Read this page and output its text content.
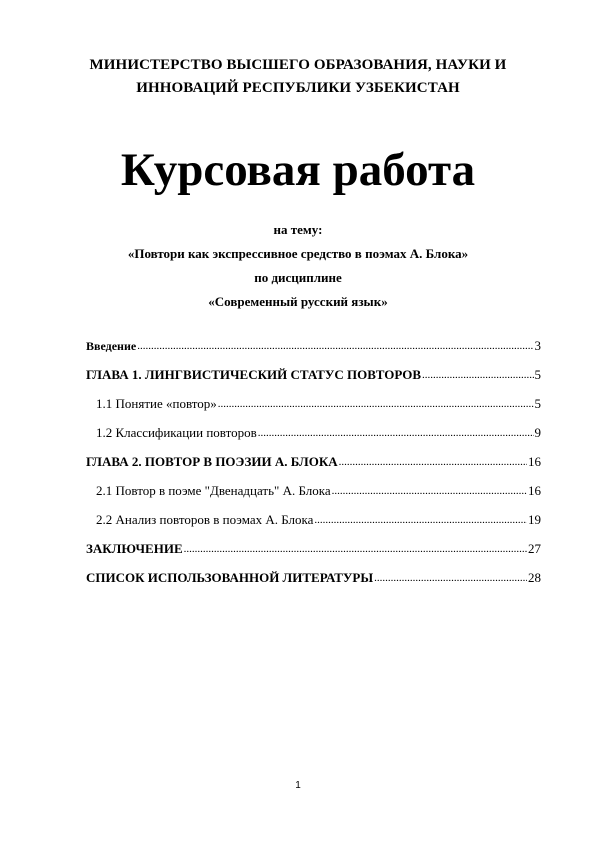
МИНИСТЕРСТВО ВЫСШЕГО ОБРАЗОВАНИЯ, НАУКИ И
ИННОВАЦИЙ РЕСПУБЛИКИ УЗБЕКИСТАН
Курсовая работа
на тему:
«Повтори как экспрессивное средство в поэмах А. Блока»
по дисциплине
«Современный русский язык»
Введение .....	3
ГЛАВА 1. ЛИНГВИСТИЧЕСКИЙ СТАТУС ПОВТОРОВ .....	5
1.1 Понятие «повтор» .....	5
1.2 Классификации повторов .....	9
ГЛАВА 2. ПОВТОР В ПОЭЗИИ А. БЛОКА .....	16
2.1 Повтор в поэме "Двенадцать" А. Блока .....	16
2.2 Анализ повторов в поэмах А. Блока .....	19
ЗАКЛЮЧЕНИЕ .....	27
СПИСОК ИСПОЛЬЗОВАННОЙ ЛИТЕРАТУРЫ .....	28
1
